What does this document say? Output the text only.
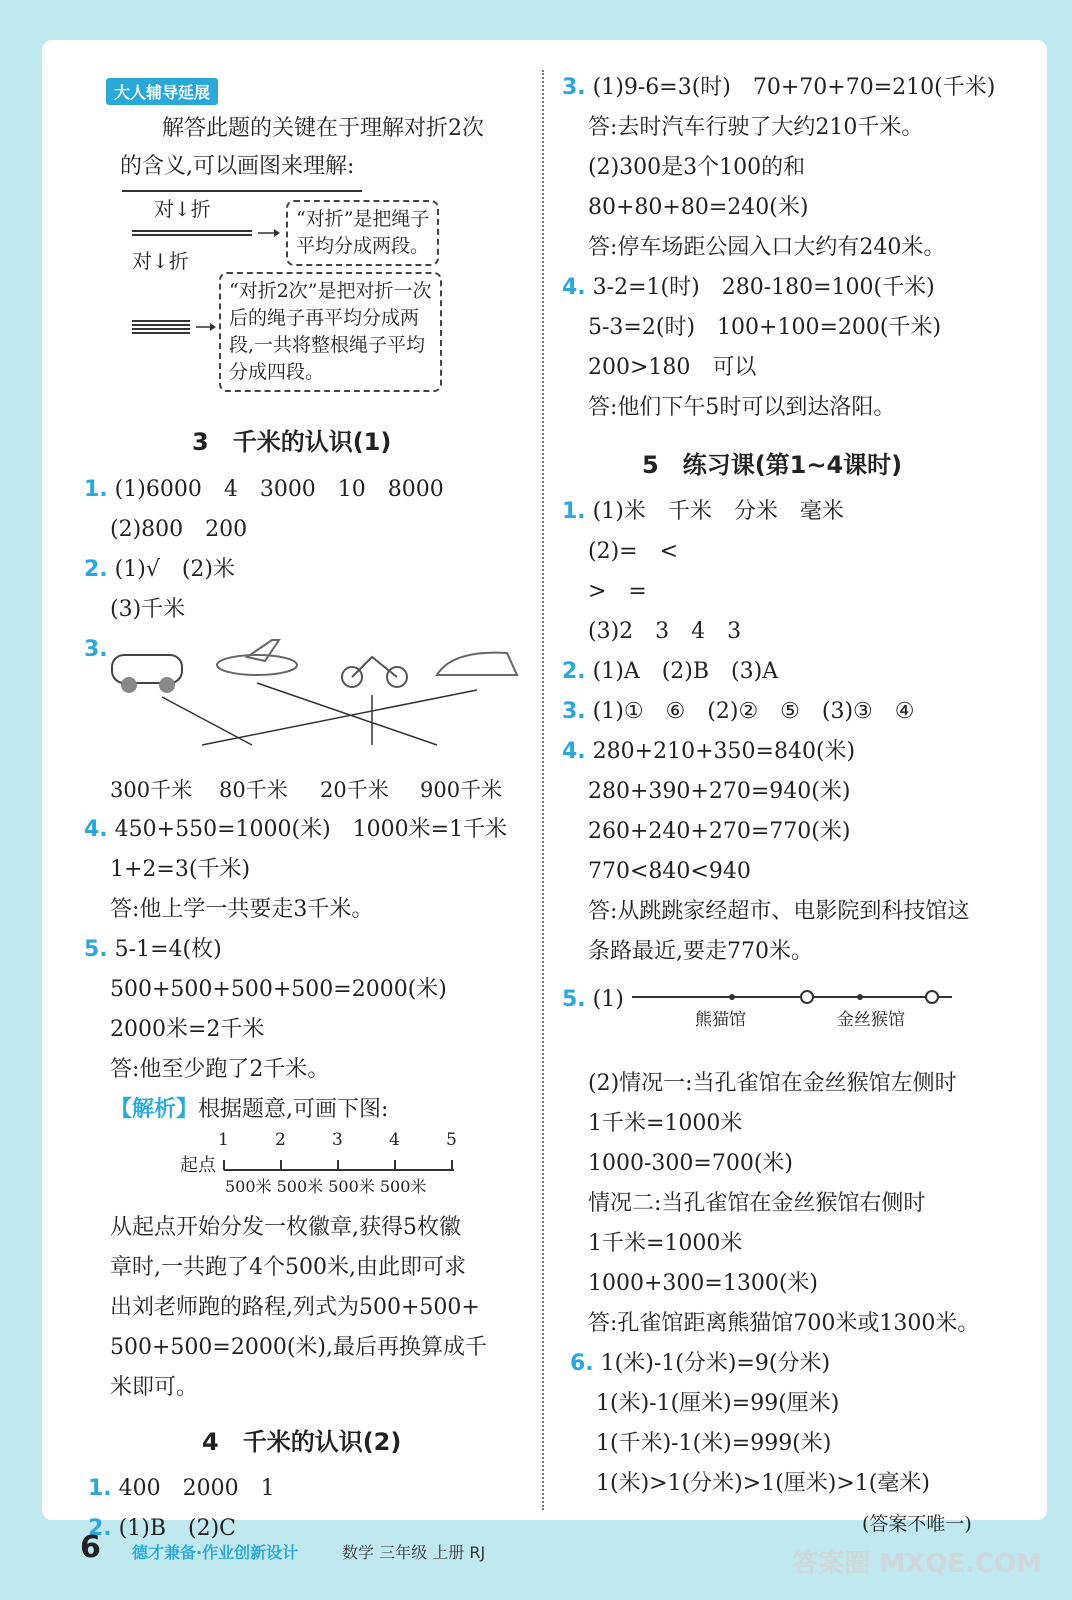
大人辅导延展
解答此题的关键在于理解对折2次
的含义,可以画图来理解:
对↓折
对↓折
“对折”是把绳子
平均分成两段。
“对折2次”是把对折一次
后的绳子再平均分成两
段,一共将整根绳子平均
分成四段。
3　千米的认识(1)
1. (1)6000　4　3000　10　8000
(2)800　200
2. (1)√　(2)米
(3)千米
3.
300千米 80千米 20千米 900千米
4. 450+550=1000(米)　1000米=1千米
1+2=3(千米)
答:他上学一共要走3千米。
5. 5-1=4(枚)
500+500+500+500=2000(米)
2000米=2千米
答:他至少跑了2千米。
【解析】根据题意,可画下图:
起点
1	2	3	4	5
500米 500米 500米 500米
从起点开始分发一枚徽章,获得5枚徽
章时,一共跑了4个500米,由此即可求
出刘老师跑的路程,列式为500+500+
500+500=2000(米),最后再换算成千
米即可。
4　千米的认识(2)
1. 400　2000　1
2. (1)B　(2)C
3. (1)9-6=3(时)　70+70+70=210(千米)
答:去时汽车行驶了大约210千米。
(2)300是3个100的和
80+80+80=240(米)
答:停车场距公园入口大约有240米。
4. 3-2=1(时)　280-180=100(千米)
5-3=2(时)　100+100=200(千米)
200>180　可以
答:他们下午5时可以到达洛阳。
5　练习课(第1~4课时)
1. (1)米　千米　分米　毫米
(2)=　<
>　=
(3)2　3　4　3
2. (1)A　(2)B　(3)A
3. (1)①　⑥　(2)②　⑤　(3)③　④
4. 280+210+350=840(米)
280+390+270=940(米)
260+240+270=770(米)
770<840<940
答:从跳跳家经超市、电影院到科技馆这
条路最近,要走770米。
5. (1)
熊猫馆	金丝猴馆
(2)情况一:当孔雀馆在金丝猴馆左侧时
1千米=1000米
1000-300=700(米)
情况二:当孔雀馆在金丝猴馆右侧时
1千米=1000米
1000+300=1300(米)
答:孔雀馆距离熊猫馆700米或1300米。
6. 1(米)-1(分米)=9(分米)
1(米)-1(厘米)=99(厘米)
1(千米)-1(米)=999(米)
1(米)>1(分米)>1(厘米)>1(毫米)
(答案不唯一)
6 德才兼备·作业创新设计	数学 三年级 上册 RJ	答案圈 MXQE.COM
